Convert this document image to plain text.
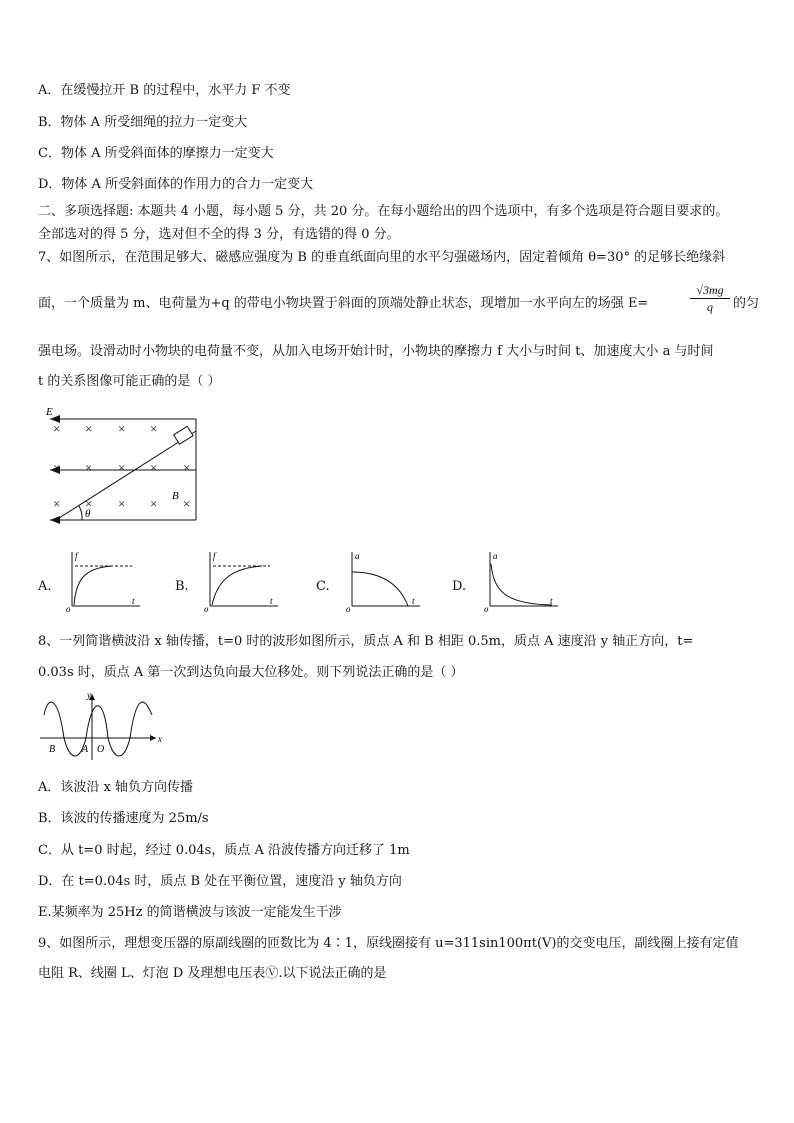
A．在缓慢拉开 B 的过程中，水平力 F 不变
B．物体 A 所受细绳的拉力一定变大
C．物体 A 所受斜面体的摩擦力一定变大
D．物体 A 所受斜面体的作用力的合力一定变大
二、多项选择题: 本题共 4 小题，每小题 5 分，共 20 分。在每小题给出的四个选项中，有多个选项是符合题目要求的。
全部选对的得 5 分，选对但不全的得 3 分，有选错的得 0 分。
7、如图所示，在范围足够大、磁感应强度为 B 的垂直纸面向里的水平匀强磁场内，固定着倾角 θ=30° 的足够长绝缘斜
面，一个质量为 m、电荷量为+q 的带电小物块置于斜面的顶端处静止状态，现增加一水平向左的场强 E=	$\frac{√3mg}{q}$ 的匀
强电场。设滑动时小物块的电荷量不变，从加入电场开始计时，小物块的摩擦力 f 大小与时间 t、加速度大小 a 与时间
t 的关系图像可能正确的是（ ）
× × × ×
× × × × ×
× × × × ×
E
B
θ
A.	B.	C.	D.
f
t
o
f
t
o
a
t
o
a
t
o
8、一列简谐横波沿 x 轴传播，t=0 时的波形如图所示，质点 A 和 B 相距 0.5m，质点 A 速度沿 y 轴正方向，t=
0.03s 时，质点 A 第一次到达负向最大位移处。则下列说法正确的是（ ）
y
x
B	A O
A．该波沿 x 轴负方向传播
B．该波的传播速度为 25m/s
C．从 t=0 时起，经过 0.04s，质点 A 沿波传播方向迁移了 1m
D．在 t=0.04s 时，质点 B 处在平衡位置，速度沿 y 轴负方向
E.某频率为 25Hz 的简谐横波与该波一定能发生干涉
9、如图所示，理想变压器的原副线圈的匝数比为 4∶1，原线圈接有 u=311sin100πt(V)的交变电压，副线圈上接有定值
电阻 R、线圈 L、灯泡 D 及理想电压表Ⓥ.以下说法正确的是
